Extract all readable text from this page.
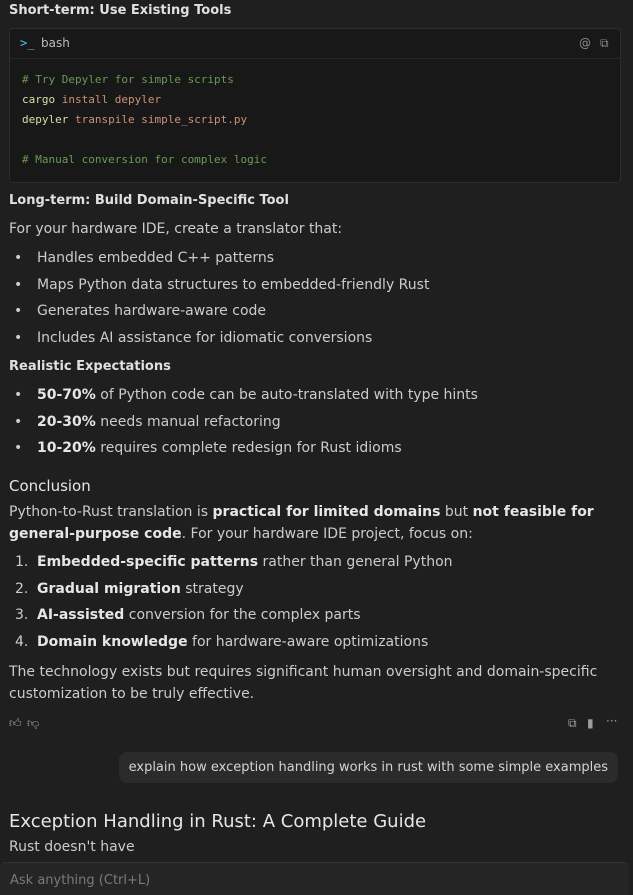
Short-term: Use Existing Tools
>_ bash	@ ⧉
# Try Depyler for simple scripts
cargo install depyler
depyler transpile simple_script.py

# Manual conversion for complex logic
Long-term: Build Domain-Specific Tool
For your hardware IDE, create a translator that:
• Handles embedded C++ patterns
• Maps Python data structures to embedded-friendly Rust
• Generates hardware-aware code
• Includes AI assistance for idiomatic conversions
Realistic Expectations
• 50-70% of Python code can be auto-translated with type hints
• 20-30% needs manual refactoring
• 10-20% requires complete redesign for Rust idioms
Conclusion
Python-to-Rust translation is practical for limited domains but not feasible for general-purpose code. For your hardware IDE project, focus on:
1. Embedded-specific patterns rather than general Python
2. Gradual migration strategy
3. AI-assisted conversion for the complex parts
4. Domain knowledge for hardware-aware optimizations
The technology exists but requires significant human oversight and domain-specific customization to be truly effective.
👍︎ 👎︎	⧉ ▮ ···
explain how exception handling works in rust with some simple examples
Exception Handling in Rust: A Complete Guide
Rust doesn't have
Ask anything (Ctrl+L)
